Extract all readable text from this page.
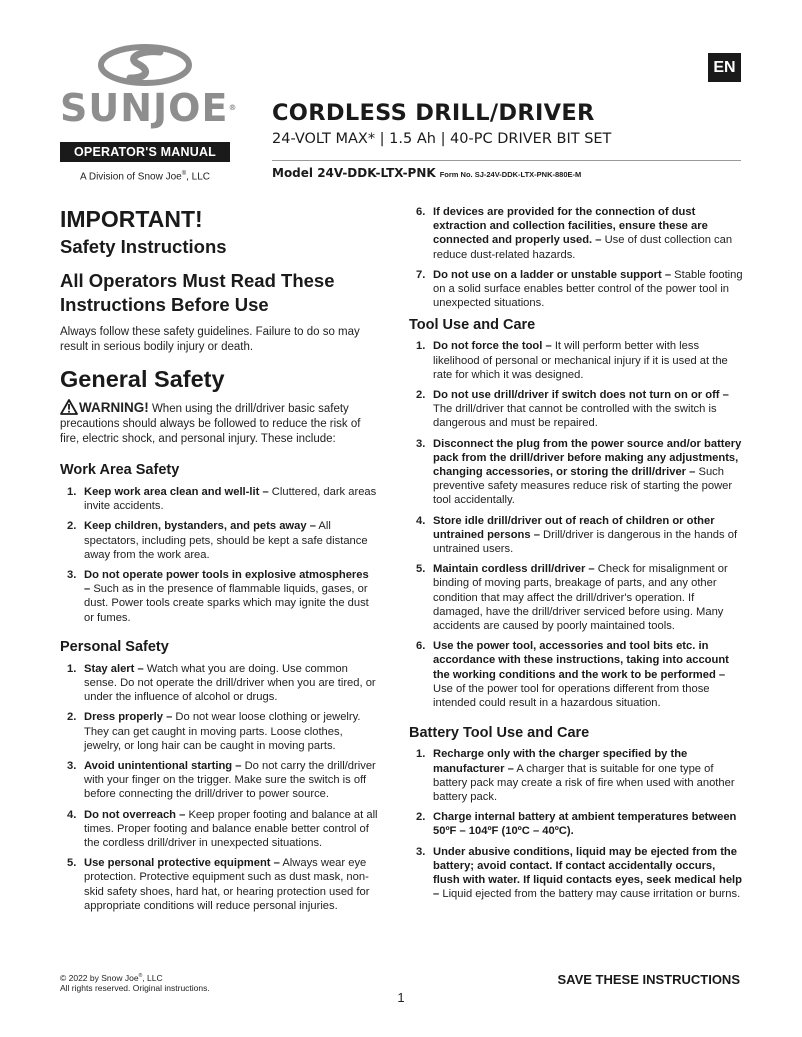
SUNJOE®
OPERATOR'S MANUAL
A Division of Snow Joe®, LLC
EN
CORDLESS DRILL/DRIVER
24-VOLT MAX* | 1.5 Ah | 40-PC DRIVER BIT SET
Model 24V-DDK-LTX-PNK Form No. SJ-24V-DDK-LTX-PNK-880E-M
IMPORTANT!
Safety Instructions
All Operators Must Read These Instructions Before Use

Always follow these safety guidelines. Failure to do so may result in serious bodily injury or death.

General Safety

WARNING! When using the drill/driver basic safety precautions should always be followed to reduce the risk of fire, electric shock, and personal injury. These include:

Work Area Safety
1. Keep work area clean and well-lit – Cluttered, dark areas invite accidents.
2. Keep children, bystanders, and pets away – All spectators, including pets, should be kept a safe distance away from the work area.
3. Do not operate power tools in explosive atmospheres – Such as in the presence of flammable liquids, gases, or dust. Power tools create sparks which may ignite the dust or fumes.
Personal Safety
1. Stay alert – Watch what you are doing. Use common sense. Do not operate the drill/driver when you are tired, or under the influence of alcohol or drugs.
2. Dress properly – Do not wear loose clothing or jewelry. They can get caught in moving parts. Loose clothes, jewelry, or long hair can be caught in moving parts.
3. Avoid unintentional starting – Do not carry the drill/driver with your finger on the trigger. Make sure the switch is off before connecting the drill/driver to power source.
4. Do not overreach – Keep proper footing and balance at all times. Proper footing and balance enable better control of the cordless drill/driver in unexpected situations.
5. Use personal protective equipment – Always wear eye protection. Protective equipment such as dust mask, non-skid safety shoes, hard hat, or hearing protection used for appropriate conditions will reduce personal injuries.
6. If devices are provided for the connection of dust extraction and collection facilities, ensure these are connected and properly used. – Use of dust collection can reduce dust-related hazards.
7. Do not use on a ladder or unstable support – Stable footing on a solid surface enables better control of the power tool in unexpected situations.
Tool Use and Care
1. Do not force the tool – It will perform better with less likelihood of personal or mechanical injury if it is used at the rate for which it was designed.
2. Do not use drill/driver if switch does not turn on or off – The drill/driver that cannot be controlled with the switch is dangerous and must be repaired.
3. Disconnect the plug from the power source and/or battery pack from the drill/driver before making any adjustments, changing accessories, or storing the drill/driver – Such preventive safety measures reduce risk of starting the power tool accidentally.
4. Store idle drill/driver out of reach of children or other untrained persons – Drill/driver is dangerous in the hands of untrained users.
5. Maintain cordless drill/driver – Check for misalignment or binding of moving parts, breakage of parts, and any other condition that may affect the drill/driver's operation. If damaged, have the drill/driver serviced before using. Many accidents are caused by poorly maintained tools.
6. Use the power tool, accessories and tool bits etc. in accordance with these instructions, taking into account the working conditions and the work to be performed – Use of the power tool for operations different from those intended could result in a hazardous situation.
Battery Tool Use and Care
1. Recharge only with the charger specified by the manufacturer – A charger that is suitable for one type of battery pack may create a risk of fire when used with another battery pack.
2. Charge internal battery at ambient temperatures between 50ºF – 104ºF (10ºC – 40ºC).
3. Under abusive conditions, liquid may be ejected from the battery; avoid contact. If contact accidentally occurs, flush with water. If liquid contacts eyes, seek medical help – Liquid ejected from the battery may cause irritation or burns.
© 2022 by Snow Joe®, LLC
All rights reserved. Original instructions.
SAVE THESE INSTRUCTIONS
1
